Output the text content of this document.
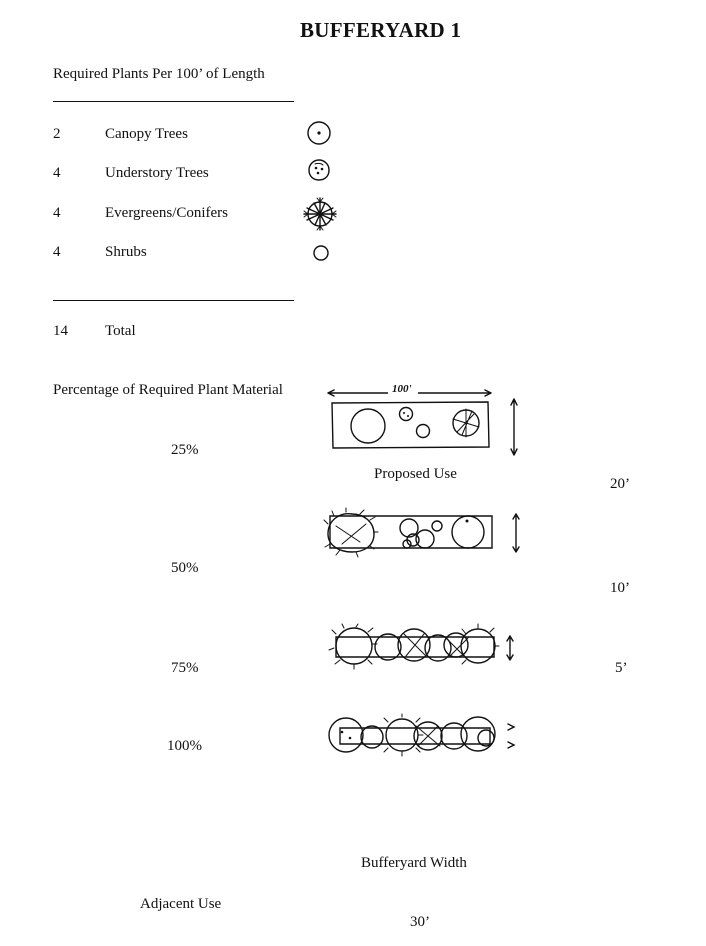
BUFFERYARD 1
Required Plants Per 100’ of Length
2	Canopy Trees
4	Understory Trees
4	Evergreens/Conifers
4	Shrubs
14 Total
Percentage of Required Plant Material	100'
25%
Proposed Use
20’
50%
10’
75%	5’
100%
Bufferyard Width
Adjacent Use
30’
